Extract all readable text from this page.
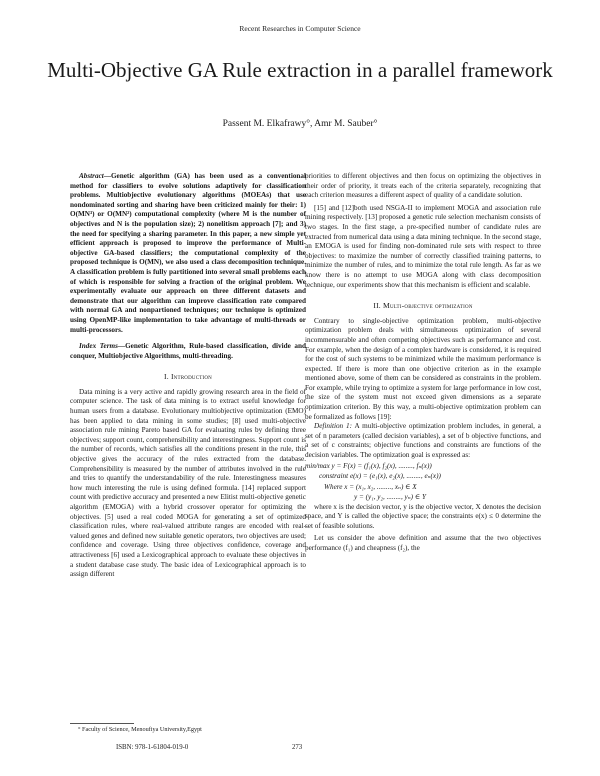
Recent Researches in Computer Science
Multi-Objective GA Rule extraction in a parallel framework
Passent M. Elkafrawy°, Amr M. Sauber°

Abstract—Genetic algorithm (GA) has been used as a conventional method for classifiers to evolve solutions adaptively for classification problems. Multiobjective evolutionary algorithms (MOEAs) that use nondominated sorting and sharing have been criticized mainly for their: 1) O(MN³) or O(MN²) computational complexity (where M is the number of objectives and N is the population size); 2) nonelitism approach [7]; and 3) the need for specifying a sharing parameter. In this paper, a new simple yet efficient approach is proposed to improve the performance of Multi-objective GA-based classifiers; the computational complexity of the proposed technique is O(MN), we also used a class decomposition technique. A classification problem is fully partitioned into several small problems each of which is responsible for solving a fraction of the original problem. We experimentally evaluate our approach on three different datasets and demonstrate that our algorithm can improve classification rate compared with normal GA and nonpartioned techniques; our technique is optimized using OpenMP-like implementation to take advantage of multi-threads or multi-processors.

Index Terms—Genetic Algorithm, Rule-based classification, divide and conquer, Multiobjective Algorithms, multi-threading.

I. Introduction

Data mining is a very active and rapidly growing research area in the field of computer science. The task of data mining is to extract useful knowledge for human users from a database. Evolutionary multiobjective optimization (EMO) has been applied to data mining in some studies; [8] used multi-objective association rule mining Pareto based GA for evaluating rules by defining three objectives; support count, comprehensibility and interestingness. Support count is the number of records, which satisfies all the conditions present in the rule, this objective gives the accuracy of the rules extracted from the database. Comprehensibility is measured by the number of attributes involved in the rule and tries to quantify the understandability of the rule. Interestingness measures how much interesting the rule is using defined formula. [14] replaced support count with predictive accuracy and presented a new Elitist multi-objective genetic algorithm (EMOGA) with a hybrid crossover operator for optimizing the objectives. [5] used a real coded MOGA for generating a set of optimized classification rules, where real-valued attribute ranges are encoded with real-valued genes and defined new suitable genetic operators, two objectives are used; confidence and coverage. Using three objectives confidence, coverage and attractiveness [6] used a Lexicographical approach to evaluate these objectives in a student database case study. The basic idea of Lexicographical approach is to assign different

priorities to different objectives and then focus on optimizing the objectives in their order of priority, it treats each of the criteria separately, recognizing that each criterion measures a different aspect of quality of a candidate solution.

[15] and [12]both used NSGA-II to implement MOGA and association rule mining respectively. [13] proposed a genetic rule selection mechanism consists of two stages. In the first stage, a pre-specified number of candidate rules are extracted from numerical data using a data mining technique. In the second stage, an EMOGA is used for finding non-dominated rule sets with respect to three objectives: to maximize the number of correctly classified training patterns, to minimize the number of rules, and to minimize the total rule length. As far as we know there is no attempt to use MOGA along with class decomposition technique, our experiments show that this mechanism is efficient and scalable.

II. Multi-objective optimization

Contrary to single-objective optimization problem, multi-objective optimization problem deals with simultaneous optimization of several incommensurable and often competing objectives such as performance and cost. For example, when the design of a complex hardware is considered, it is required for the cost of such systems to be minimized while the maximum performance is expected. If there is more than one objective criterion as in the example mentioned above, some of them can be considered as constraints in the problem. For example, while trying to optimize a system for large performance in low cost, the size of the system must not exceed given dimensions as a separate optimization criterion. By this way, a multi-objective optimization problem can be formalized as follows [19]:

Definition 1: A multi-objective optimization problem includes, in general, a set of n parameters (called decision variables), a set of b objective functions, and a set of c constraints; objective functions and constraints are functions of the decision variables. The optimization goal is expressed as:

min/max y = F(x) = (f₁(x), f₂(x), ........, fₙ(x))

constraint e(x) = (e₁(x), e₂(x), ........, eₙ(x))

Where x = (x₁, x₂, ........, xₙ) ∈ X

y = (y₁, y₂, ........, yₙ) ∈ Y

where x is the decision vector, y is the objective vector, X denotes the decision space, and Y is called the objective space; the constraints e(x) ≤ 0 determine the set of feasible solutions.

Let us consider the above definition and assume that the two objectives performance (f₁) and cheapness (f₂), the

° Faculty of Science, Menoufiya University,Egypt
ISBN: 978-1-61804-019-0	273
